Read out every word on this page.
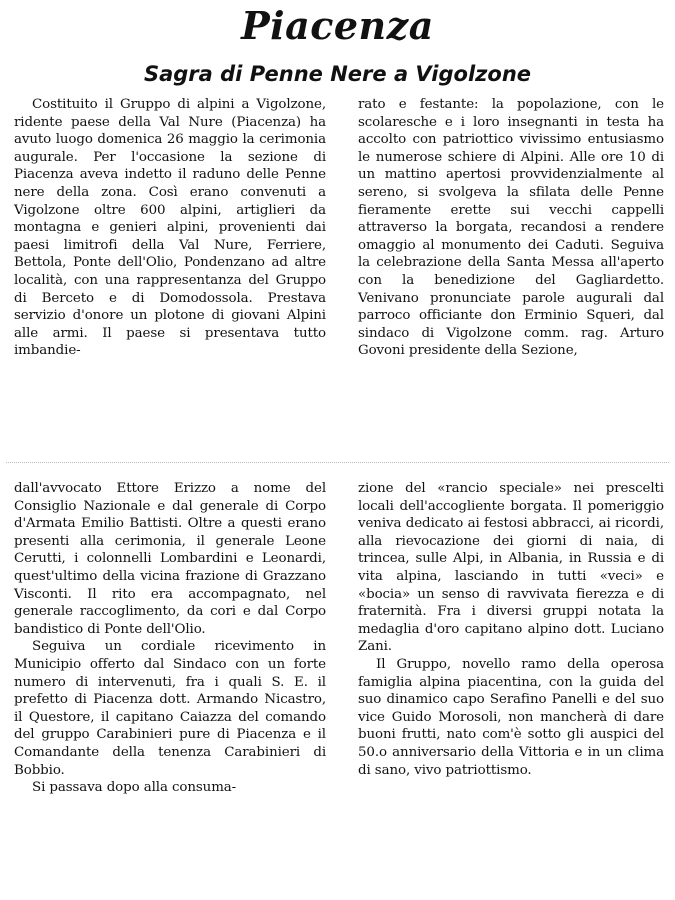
Piacenza
Sagra di Penne Nere a Vigolzone

Costituito il Gruppo di alpini a Vigolzone, ridente paese della Val Nure (Piacenza) ha avuto luogo domenica 26 maggio la cerimonia augurale. Per l'occasione la sezione di Piacenza aveva indetto il raduno delle Penne nere della zona. Così erano convenuti a Vigolzone oltre 600 alpini, artiglieri da montagna e genieri alpini, provenienti dai paesi limitrofi della Val Nure, Ferriere, Bettola, Ponte dell'Olio, Pondenzano ad altre località, con una rappresentanza del Gruppo di Berceto e di Domodossola. Prestava servizio d'onore un plotone di giovani Alpini alle armi. Il paese si presentava tutto imbandie-

rato e festante: la popolazione, con le scolaresche e i loro insegnanti in testa ha accolto con patriottico vivissimo entusiasmo le numerose schiere di Alpini. Alle ore 10 di un mattino apertosi provvidenzialmente al sereno, si svolgeva la sfilata delle Penne fieramente erette sui vecchi cappelli attraverso la borgata, recandosi a rendere omaggio al monumento dei Caduti. Seguiva la celebrazione della Santa Messa all'aperto con la benedizione del Gagliardetto. Venivano pronunciate parole augurali dal parroco officiante don Erminio Squeri, dal sindaco di Vigolzone comm. rag. Arturo Govoni presidente della Sezione,

dall'avvocato Ettore Erizzo a nome del Consiglio Nazionale e dal generale di Corpo d'Armata Emilio Battisti. Oltre a questi erano presenti alla cerimonia, il generale Leone Cerutti, i colonnelli Lombardini e Leonardi, quest'ultimo della vicina frazione di Grazzano Visconti. Il rito era accompagnato, nel generale raccoglimento, da cori e dal Corpo bandistico di Ponte dell'Olio.

Seguiva un cordiale ricevimento in Municipio offerto dal Sindaco con un forte numero di intervenuti, fra i quali S. E. il prefetto di Piacenza dott. Armando Nicastro, il Questore, il capitano Caiazza del comando del gruppo Carabinieri pure di Piacenza e il Comandante della tenenza Carabinieri di Bobbio.

Si passava dopo alla consuma-

zione del «rancio speciale» nei prescelti locali dell'accogliente borgata. Il pomeriggio veniva dedicato ai festosi abbracci, ai ricordi, alla rievocazione dei giorni di naia, di trincea, sulle Alpi, in Albania, in Russia e di vita alpina, lasciando in tutti «veci» e «bocia» un senso di ravvivata fierezza e di fraternità. Fra i diversi gruppi notata la medaglia d'oro capitano alpino dott. Luciano Zani.

Il Gruppo, novello ramo della operosa famiglia alpina piacentina, con la guida del suo dinamico capo Serafino Panelli e del suo vice Guido Morosoli, non mancherà di dare buoni frutti, nato com'è sotto gli auspici del 50.o anniversario della Vittoria e in un clima di sano, vivo patriottismo.
